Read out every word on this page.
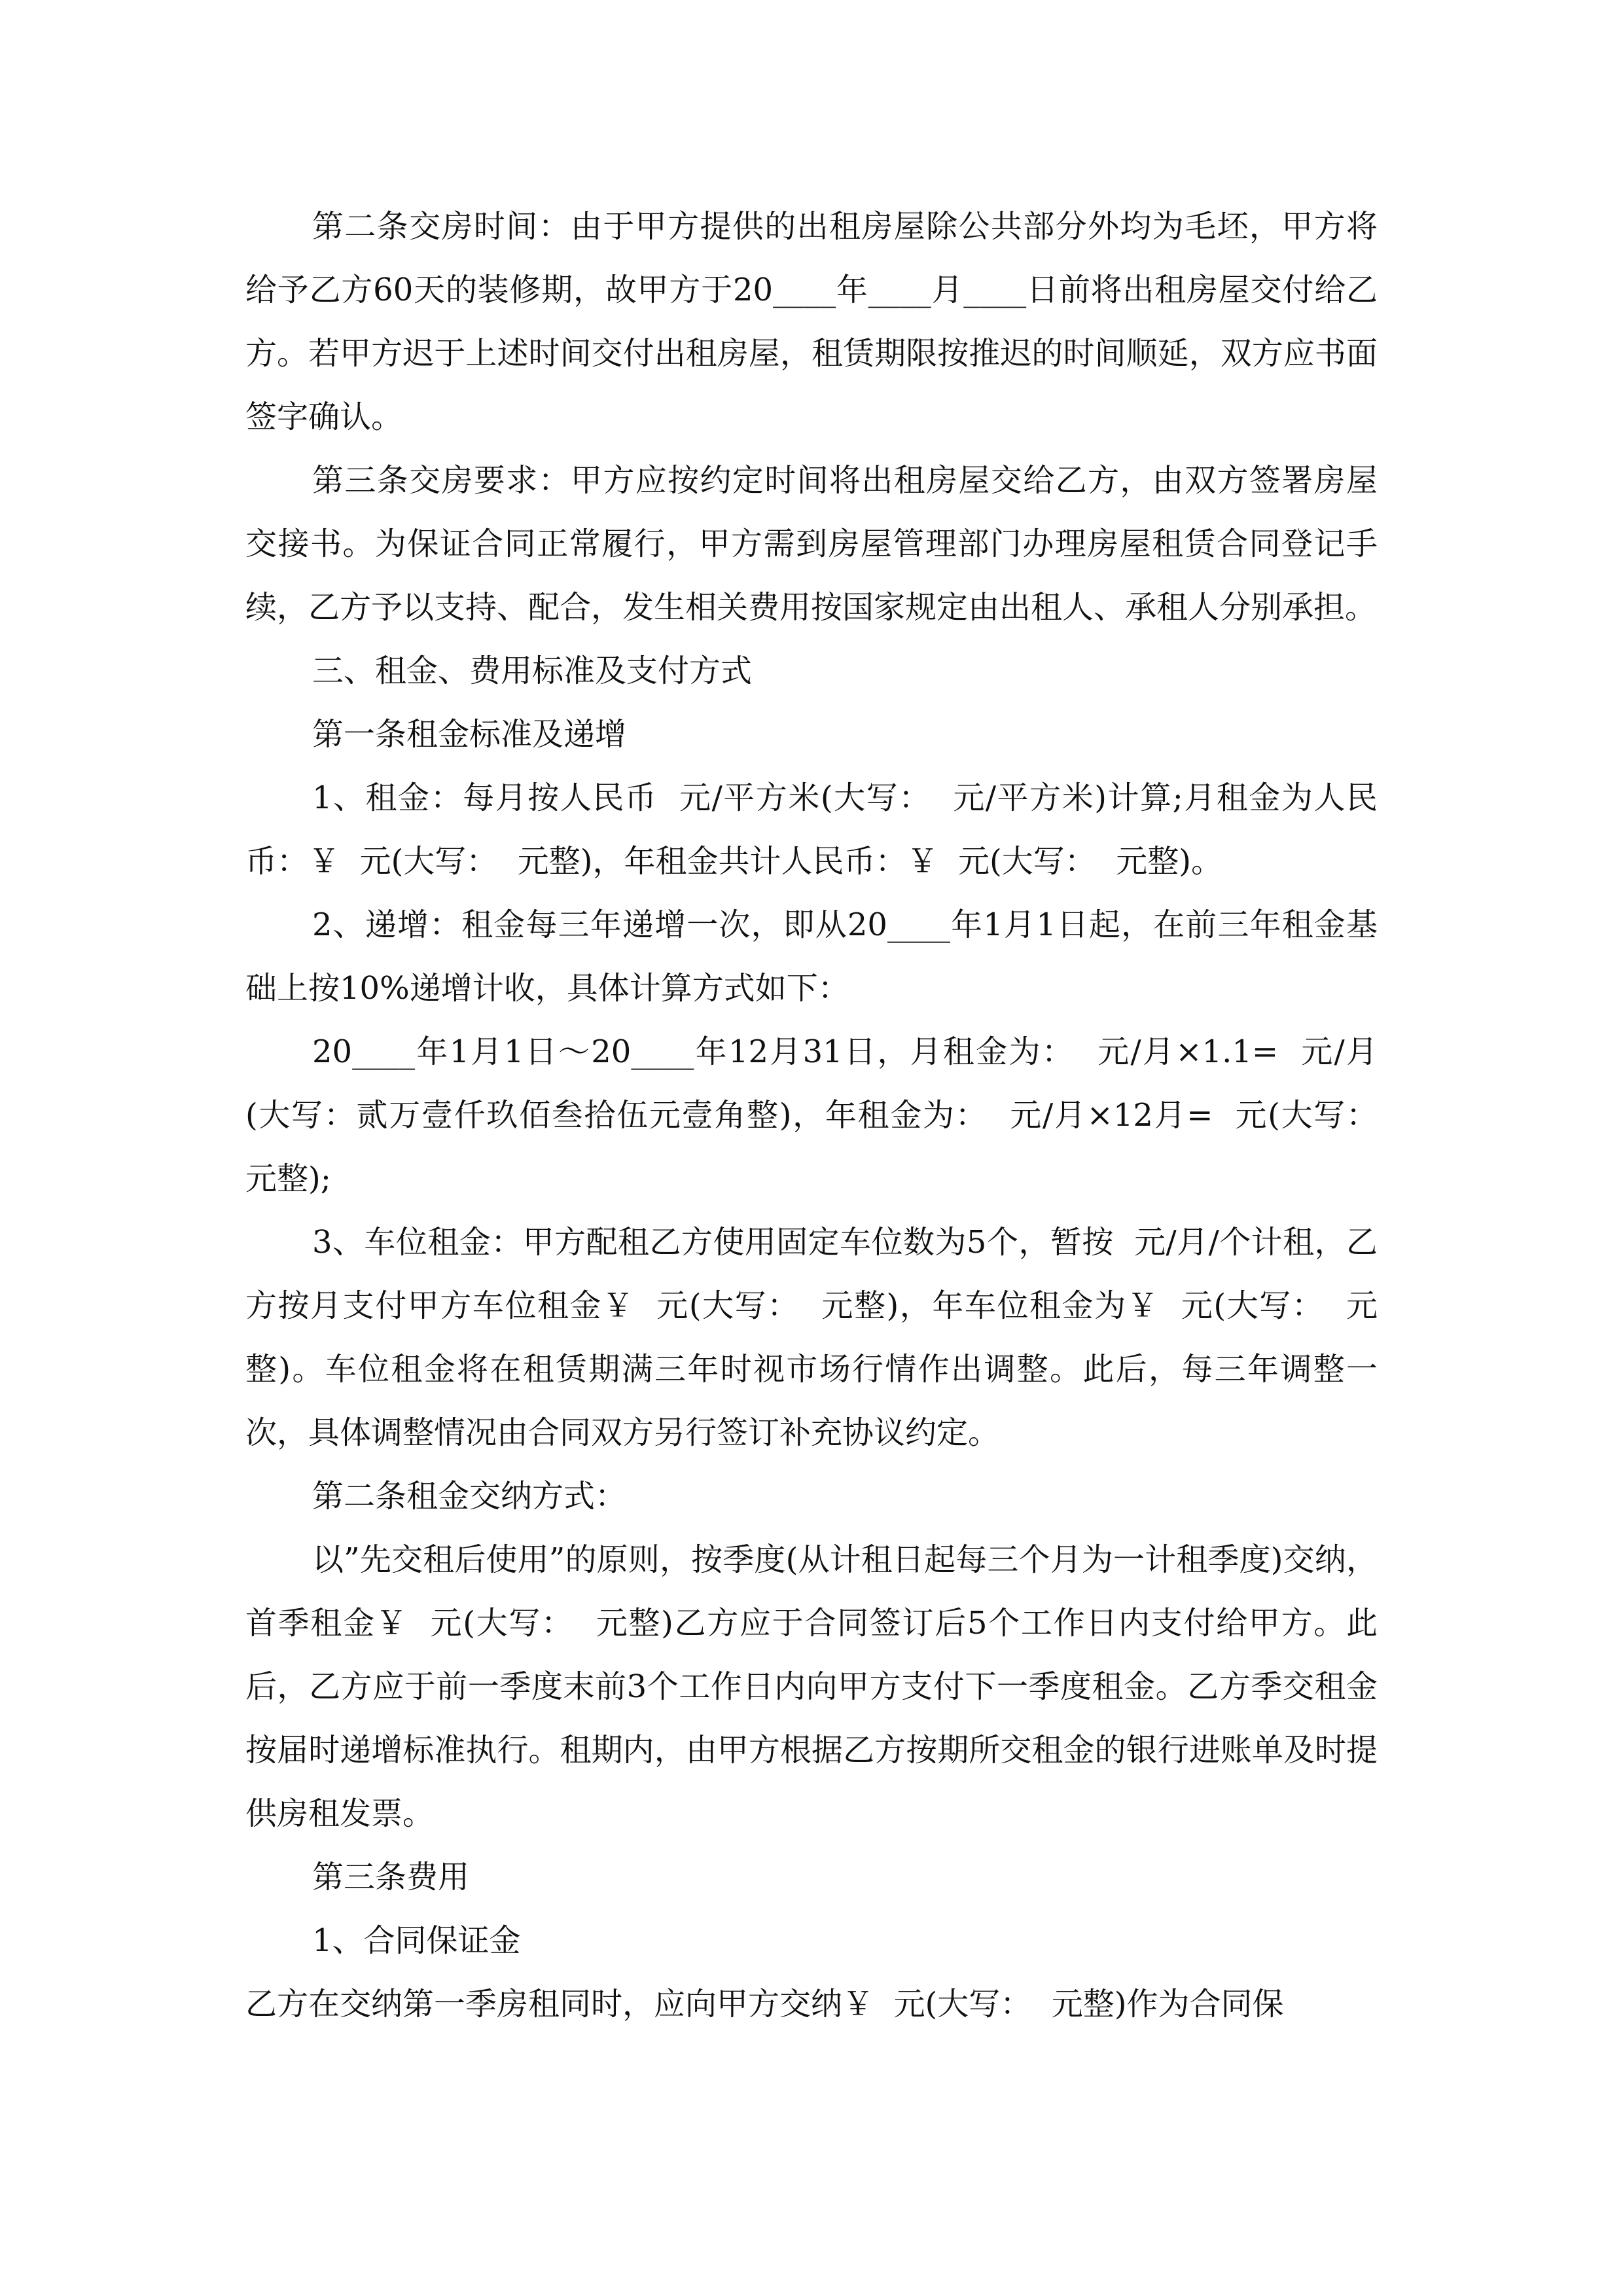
第二条交房时间：由于甲方提供的出租房屋除公共部分外均为毛坯，甲方将给予乙方60天的装修期，故甲方于20____年____月____日前将出租房屋交付给乙方。若甲方迟于上述时间交付出租房屋，租赁期限按推迟的时间顺延，双方应书面签字确认。

第三条交房要求：甲方应按约定时间将出租房屋交给乙方，由双方签署房屋交接书。为保证合同正常履行，甲方需到房屋管理部门办理房屋租赁合同登记手续，乙方予以支持、配合，发生相关费用按国家规定由出租人、承租人分别承担。

三、租金、费用标准及支付方式

第一条租金标准及递增

1、租金：每月按人民币  元/平方米(大写：  元/平方米)计算;月租金为人民币：￥  元(大写：  元整)，年租金共计人民币：￥  元(大写：  元整)。

2、递增：租金每三年递增一次，即从20____年1月1日起，在前三年租金基础上按10%递增计收，具体计算方式如下：

20____年1月1日～20____年12月31日，月租金为：  元/月×1.1=  元/月(大写：贰万壹仟玖佰叁拾伍元壹角整)，年租金为：  元/月×12月=  元(大写：  元整);

3、车位租金：甲方配租乙方使用固定车位数为5个，暂按  元/月/个计租，乙方按月支付甲方车位租金￥  元(大写：  元整)，年车位租金为￥  元(大写：  元整)。车位租金将在租赁期满三年时视市场行情作出调整。此后，每三年调整一次，具体调整情况由合同双方另行签订补充协议约定。

第二条租金交纳方式：

以”先交租后使用”的原则，按季度(从计租日起每三个月为一计租季度)交纳，首季租金￥  元(大写：  元整)乙方应于合同签订后5个工作日内支付给甲方。此后，乙方应于前一季度末前3个工作日内向甲方支付下一季度租金。乙方季交租金按届时递增标准执行。租期内，由甲方根据乙方按期所交租金的银行进账单及时提供房租发票。

第三条费用

1、合同保证金

乙方在交纳第一季房租同时，应向甲方交纳￥  元(大写：  元整)作为合同保
